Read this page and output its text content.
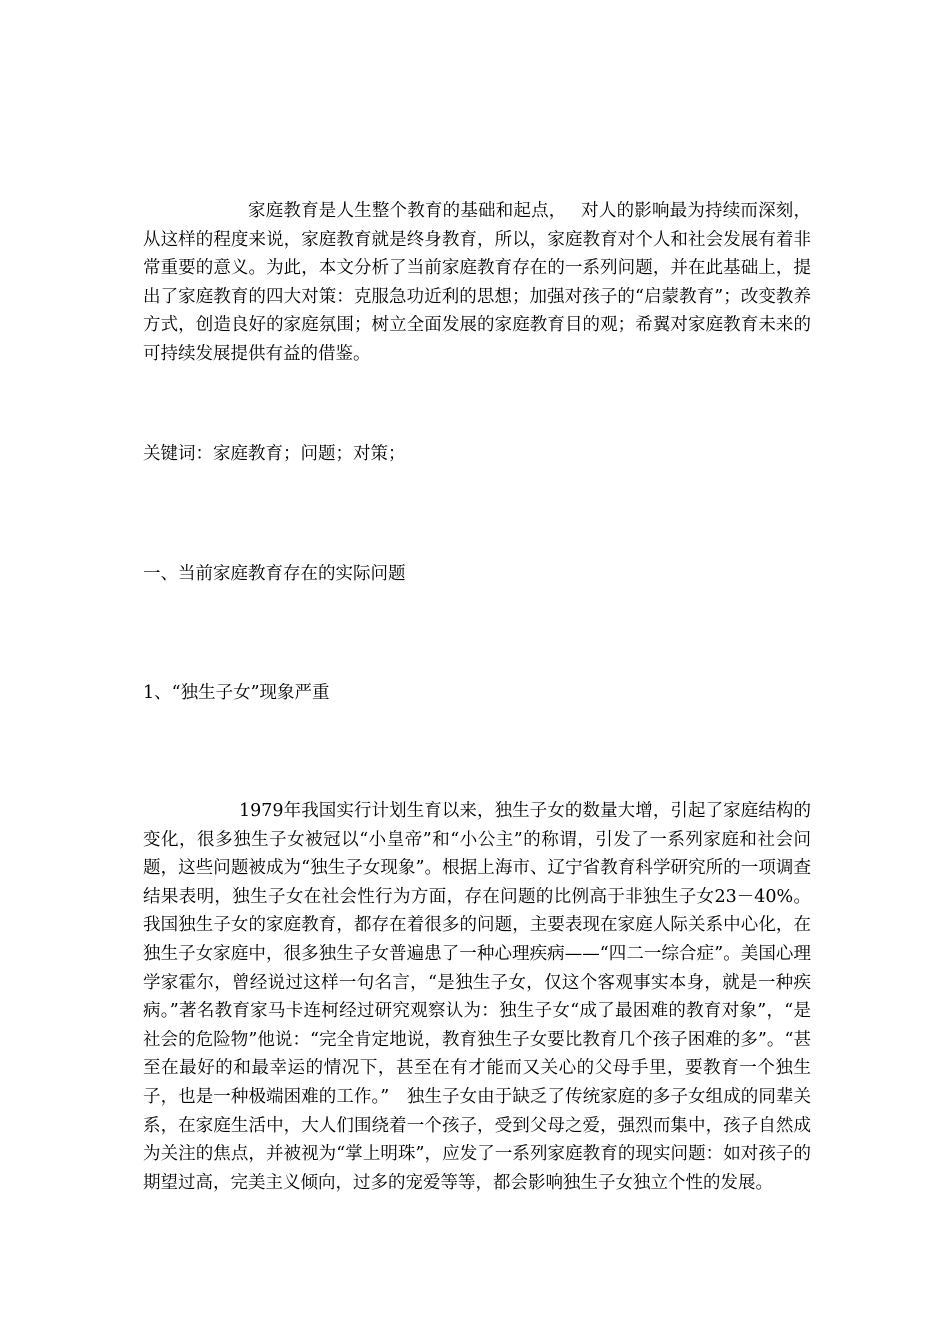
家庭教育是人生整个教育的基础和起点，　 对人的影响最为持续而深刻，从这样的程度来说，家庭教育就是终身教育，所以，家庭教育对个人和社会发展有着非常重要的意义。为此，本文分析了当前家庭教育存在的一系列问题，并在此基础上，提出了家庭教育的四大对策：克服急功近利的思想；加强对孩子的“启蒙教育”；改变教养方式，创造良好的家庭氛围；树立全面发展的家庭教育目的观；希翼对家庭教育未来的可持续发展提供有益的借鉴。

关键词：家庭教育；问题；对策；

一、当前家庭教育存在的实际问题

1、“独生子女”现象严重

1979年我国实行计划生育以来，独生子女的数量大增，引起了家庭结构的变化，很多独生子女被冠以“小皇帝”和“小公主”的称谓，引发了一系列家庭和社会问题，这些问题被成为“独生子女现象”。根据上海市、辽宁省教育科学研究所的一项调查结果表明，独生子女在社会性行为方面，存在问题的比例高于非独生子女23－40%。我国独生子女的家庭教育，都存在着很多的问题，主要表现在家庭人际关系中心化，在独生子女家庭中，很多独生子女普遍患了一种心理疾病——“四二一综合症”。美国心理学家霍尔，曾经说过这样一句名言，“是独生子女，仅这个客观事实本身，就是一种疾病。”著名教育家马卡连柯经过研究观察认为：独生子女“成了最困难的教育对象”，“是社会的危险物”他说：“完全肯定地说，教育独生子女要比教育几个孩子困难的多”。“甚至在最好的和最幸运的情况下，甚至在有才能而又关心的父母手里，要教育一个独生子，也是一种极端困难的工作。”　独生子女由于缺乏了传统家庭的多子女组成的同辈关系，在家庭生活中，大人们围绕着一个孩子，受到父母之爱，强烈而集中，孩子自然成为关注的焦点，并被视为“掌上明珠”，应发了一系列家庭教育的现实问题：如对孩子的期望过高，完美主义倾向，过多的宠爱等等，都会影响独生子女独立个性的发展。
